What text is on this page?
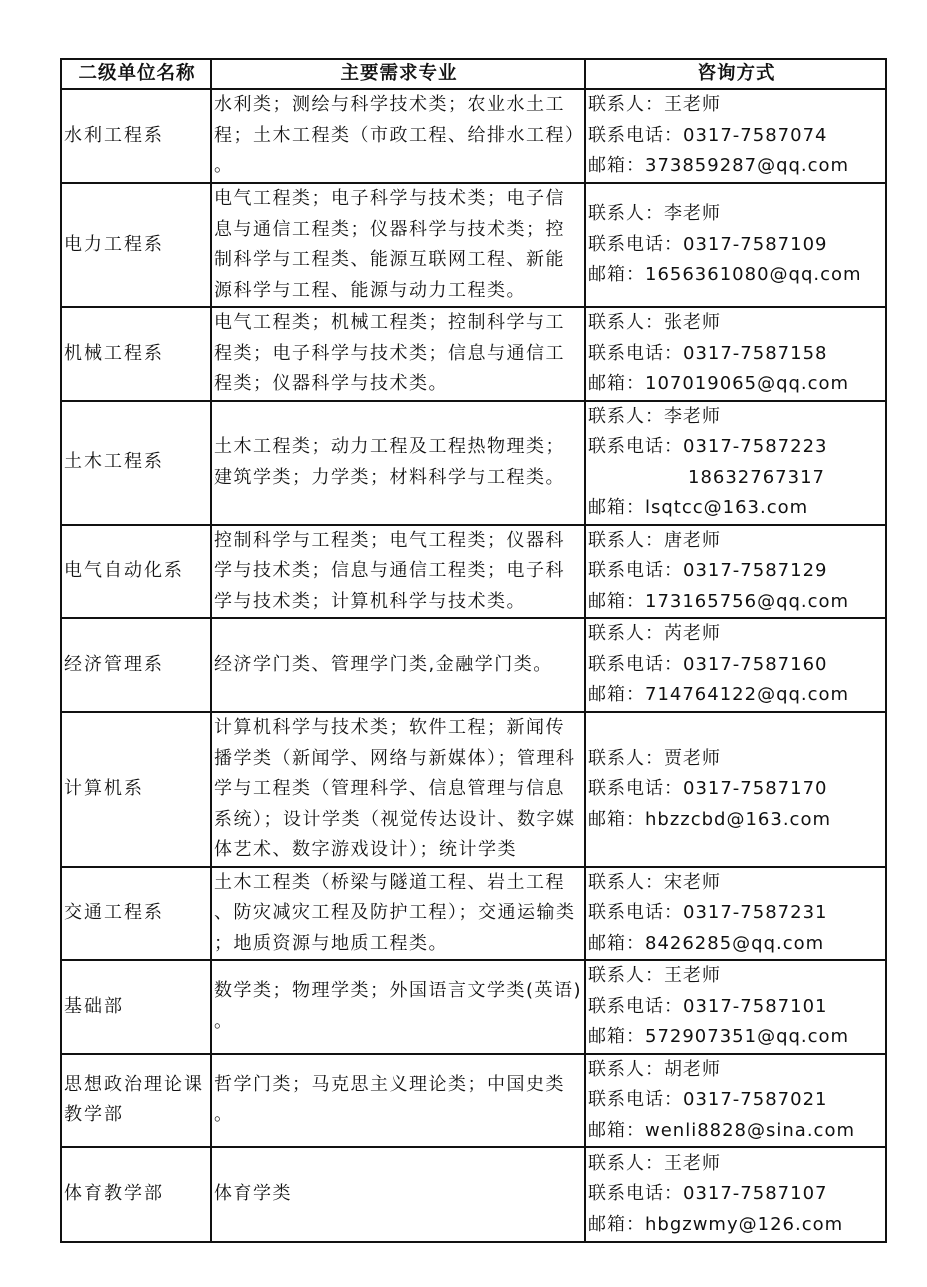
二级单位名称	主要需求专业	咨询方式
水利工程系	水利类；测绘与科学技术类；农业水土工程；土木工程类（市政工程、给排水工程）。	联系人：王老师
联系电话：0317-7587074
邮箱：373859287@qq.com

电力工程系	电气工程类；电子科学与技术类；电子信息与通信工程类；仪器科学与技术类；控制科学与工程类、能源互联网工程、新能源科学与工程、能源与动力工程类。	联系人：李老师
联系电话：0317-7587109
邮箱：1656361080@qq.com

机械工程系	电气工程类；机械工程类；控制科学与工程类；电子科学与技术类；信息与通信工程类；仪器科学与技术类。	联系人：张老师
联系电话：0317-7587158
邮箱：107019065@qq.com

土木工程系	土木工程类；动力工程及工程热物理类；建筑学类；力学类；材料科学与工程类。	联系人：李老师
联系电话：0317-7587223
18632767317
邮箱：lsqtcc@163.com

电气自动化系	控制科学与工程类；电气工程类；仪器科学与技术类；信息与通信工程类；电子科学与技术类；计算机科学与技术类。	联系人：唐老师
联系电话：0317-7587129
邮箱：173165756@qq.com

经济管理系	经济学门类、管理学门类,金融学门类。	联系人：芮老师
联系电话：0317-7587160
邮箱：714764122@qq.com

计算机系	计算机科学与技术类；软件工程；新闻传播学类（新闻学、网络与新媒体）；管理科学与工程类（管理科学、信息管理与信息系统）；设计学类（视觉传达设计、数字媒体艺术、数字游戏设计）；统计学类	联系人：贾老师
联系电话：0317-7587170
邮箱：hbzzcbd@163.com

交通工程系	土木工程类（桥梁与隧道工程、岩土工程、防灾减灾工程及防护工程）；交通运输类；地质资源与地质工程类。	联系人：宋老师
联系电话：0317-7587231
邮箱：8426285@qq.com

基础部	数学类；物理学类；外国语言文学类(英语)。	联系人：王老师
联系电话：0317-7587101
邮箱：572907351@qq.com

思想政治理论课教学部	哲学门类；马克思主义理论类；中国史类。	联系人：胡老师
联系电话：0317-7587021
邮箱：wenli8828@sina.com

体育教学部	体育学类	联系人：王老师
联系电话：0317-7587107
邮箱：hbgzwmy@126.com
